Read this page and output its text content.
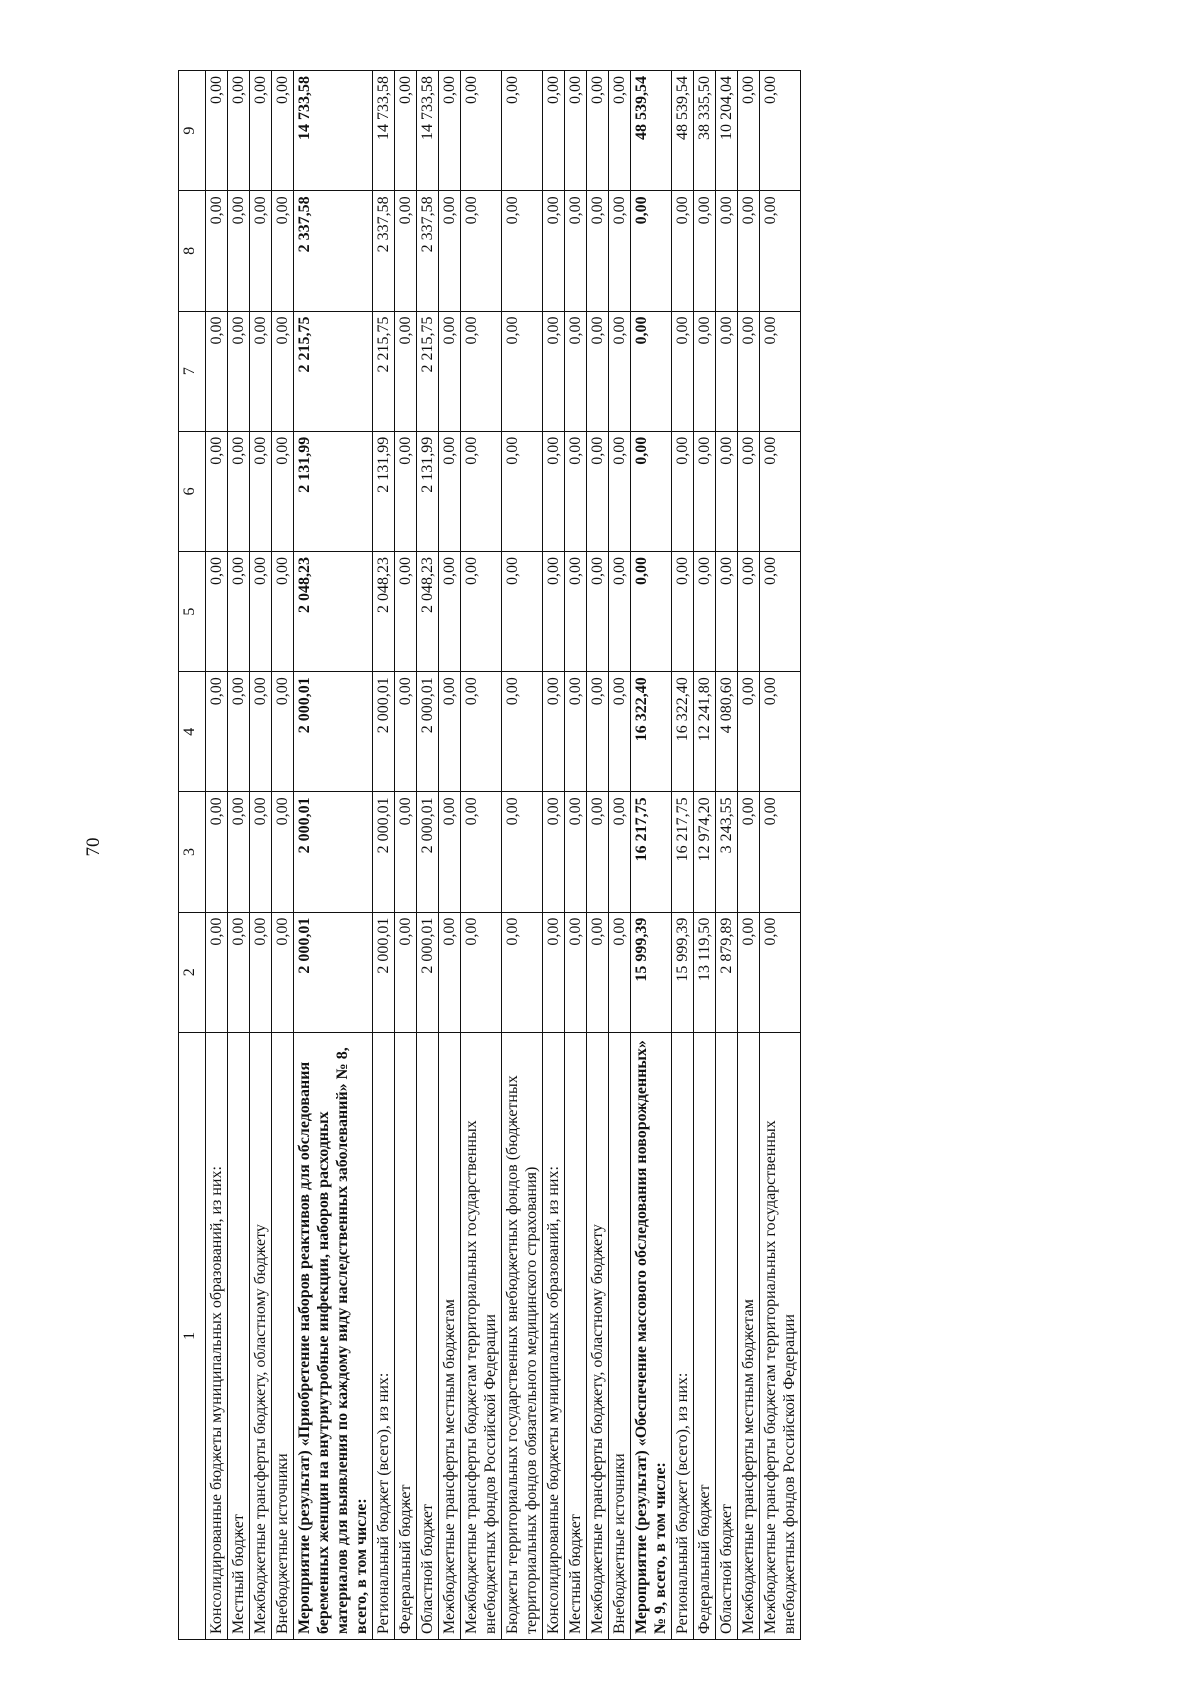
70
1	2	3	4	5	6	7	8	9
Консолидированные бюджеты муниципальных образований, из них:	0,00	0,00	0,00	0,00	0,00	0,00	0,00	0,00
Местный бюджет	0,00	0,00	0,00	0,00	0,00	0,00	0,00	0,00
Межбюджетные трансферты бюджету, областному бюджету	0,00	0,00	0,00	0,00	0,00	0,00	0,00	0,00
Внебюджетные источники	0,00	0,00	0,00	0,00	0,00	0,00	0,00	0,00
Мероприятие (результат) «Приобретение наборов реактивов для обследования беременных женщин на внутриутробные инфекции, наборов расходных материалов для выявления по каждому виду наследственных заболеваний» № 8, всего, в том числе:	2 000,01	2 000,01	2 000,01	2 048,23	2 131,99	2 215,75	2 337,58	14 733,58
Региональный бюджет (всего), из них:	2 000,01	2 000,01	2 000,01	2 048,23	2 131,99	2 215,75	2 337,58	14 733,58
Федеральный бюджет	0,00	0,00	0,00	0,00	0,00	0,00	0,00	0,00
Областной бюджет	2 000,01	2 000,01	2 000,01	2 048,23	2 131,99	2 215,75	2 337,58	14 733,58
Межбюджетные трансферты местным бюджетам	0,00	0,00	0,00	0,00	0,00	0,00	0,00	0,00
Межбюджетные трансферты бюджетам территориальных государственных внебюджетных фондов Российской Федерации	0,00	0,00	0,00	0,00	0,00	0,00	0,00	0,00
Бюджеты территориальных государственных внебюджетных фондов (бюджетных территориальных фондов обязательного медицинского страхования)	0,00	0,00	0,00	0,00	0,00	0,00	0,00	0,00
Консолидированные бюджеты муниципальных образований, из них:	0,00	0,00	0,00	0,00	0,00	0,00	0,00	0,00
Местный бюджет	0,00	0,00	0,00	0,00	0,00	0,00	0,00	0,00
Межбюджетные трансферты бюджету, областному бюджету	0,00	0,00	0,00	0,00	0,00	0,00	0,00	0,00
Внебюджетные источники	0,00	0,00	0,00	0,00	0,00	0,00	0,00	0,00
Мероприятие (результат) «Обеспечение массового обследования новорожденных» № 9, всего, в том числе:	15 999,39	16 217,75	16 322,40	0,00	0,00	0,00	0,00	48 539,54
Региональный бюджет (всего), из них:	15 999,39	16 217,75	16 322,40	0,00	0,00	0,00	0,00	48 539,54
Федеральный бюджет	13 119,50	12 974,20	12 241,80	0,00	0,00	0,00	0,00	38 335,50
Областной бюджет	2 879,89	3 243,55	4 080,60	0,00	0,00	0,00	0,00	10 204,04
Межбюджетные трансферты местным бюджетам	0,00	0,00	0,00	0,00	0,00	0,00	0,00	0,00
Межбюджетные трансферты бюджетам территориальных государственных внебюджетных фондов Российской Федерации	0,00	0,00	0,00	0,00	0,00	0,00	0,00	0,00
